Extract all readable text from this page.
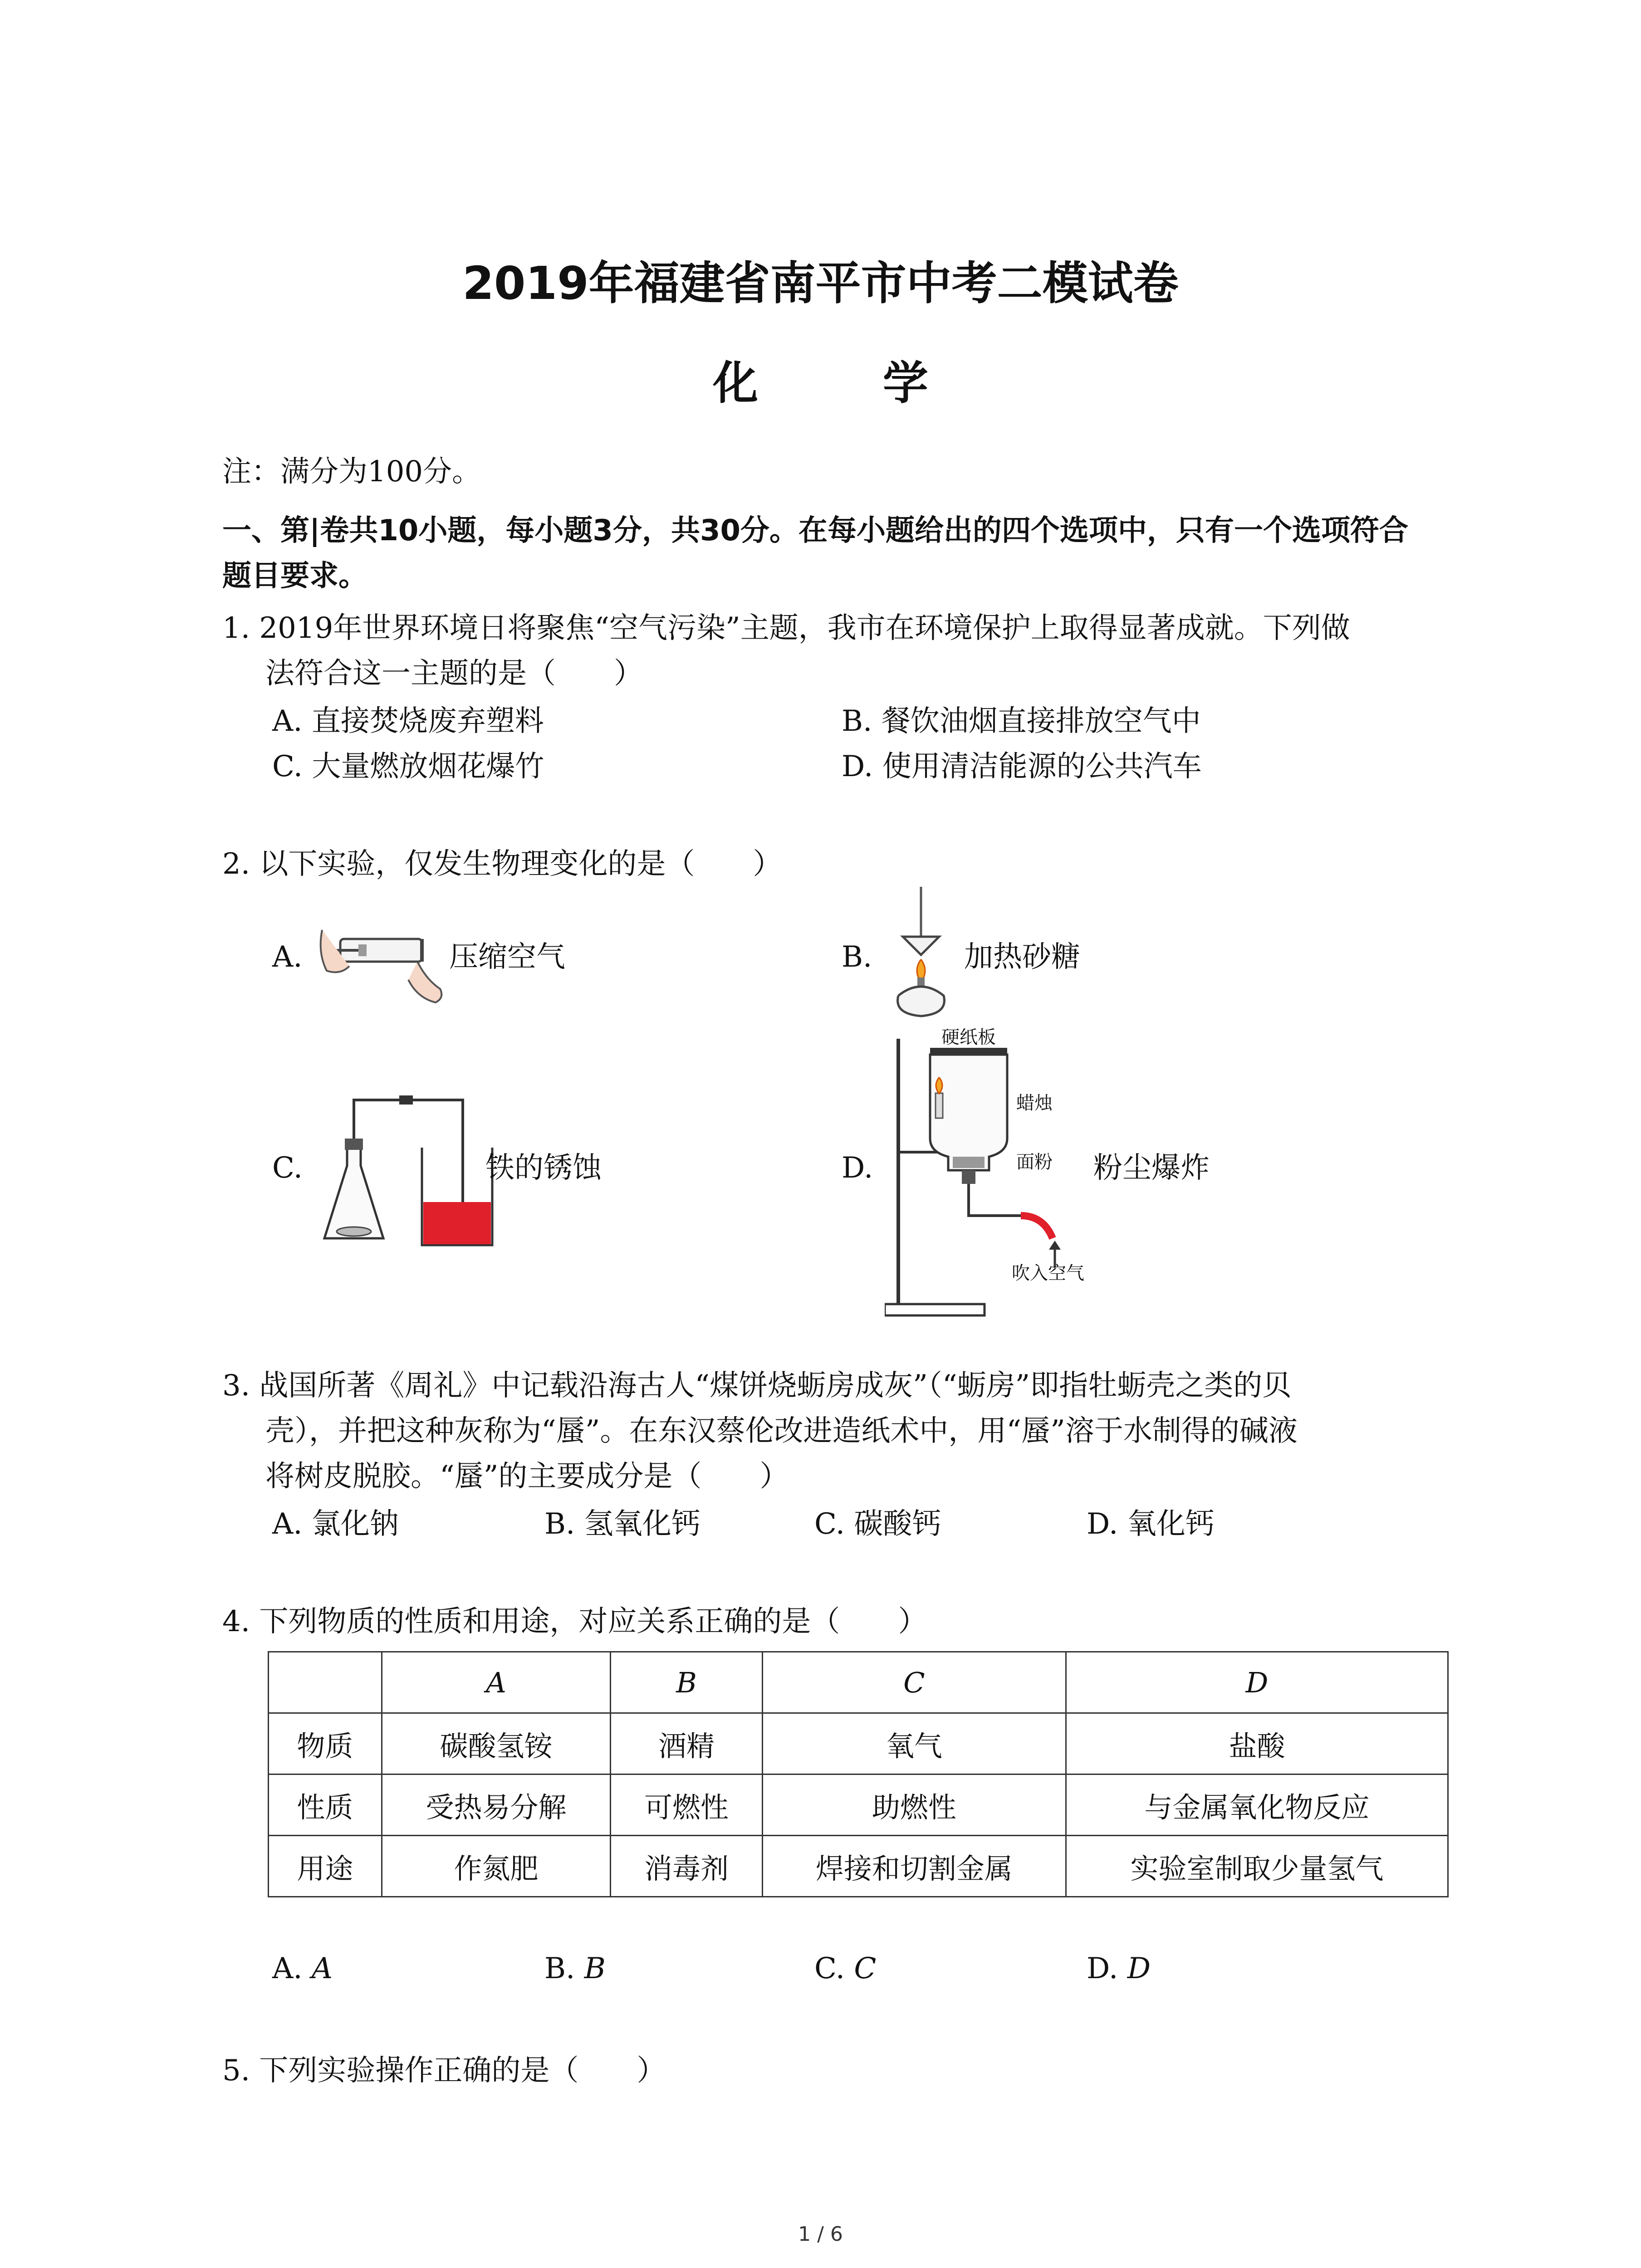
2019年福建省南平市中考二模试卷
化 学
注：满分为100分。
一、第|卷共10小题，每小题3分，共30分。在每小题给出的四个选项中，只有一个选项符合
题目要求。
1. 2019年世界环境日将聚焦“空气污染”主题，我市在环境保护上取得显著成就。下列做
法符合这一主题的是（　　）
A. 直接焚烧废弃塑料	B. 餐饮油烟直接排放空气中
C. 大量燃放烟花爆竹	D. 使用清洁能源的公共汽车
2. 以下实验，仅发生物理变化的是（　　）
A.	压缩空气	B.	加热砂糖
C.	铁的锈蚀	D.
硬纸板
蜡烛
面粉
吹入空气
粉尘爆炸
3. 战国所著《周礼》中记载沿海古人“煤饼烧蛎房成灰”（“蛎房”即指牡蛎壳之类的贝
壳），并把这种灰称为“蜃”。在东汉蔡伦改进造纸术中，用“蜃”溶于水制得的碱液
将树皮脱胶。“蜃”的主要成分是（　　）
A. 氯化钠	B. 氢氧化钙	C. 碳酸钙	D. 氧化钙
4. 下列物质的性质和用途，对应关系正确的是（　　）
	A	B	C	D
物质	碳酸氢铵	酒精	氧气	盐酸
性质	受热易分解	可燃性	助燃性	与金属氧化物反应
用途	作氮肥	消毒剂	焊接和切割金属	实验室制取少量氢气
A. A	B. B	C. C	D. D
5. 下列实验操作正确的是（　　）
1 / 6
